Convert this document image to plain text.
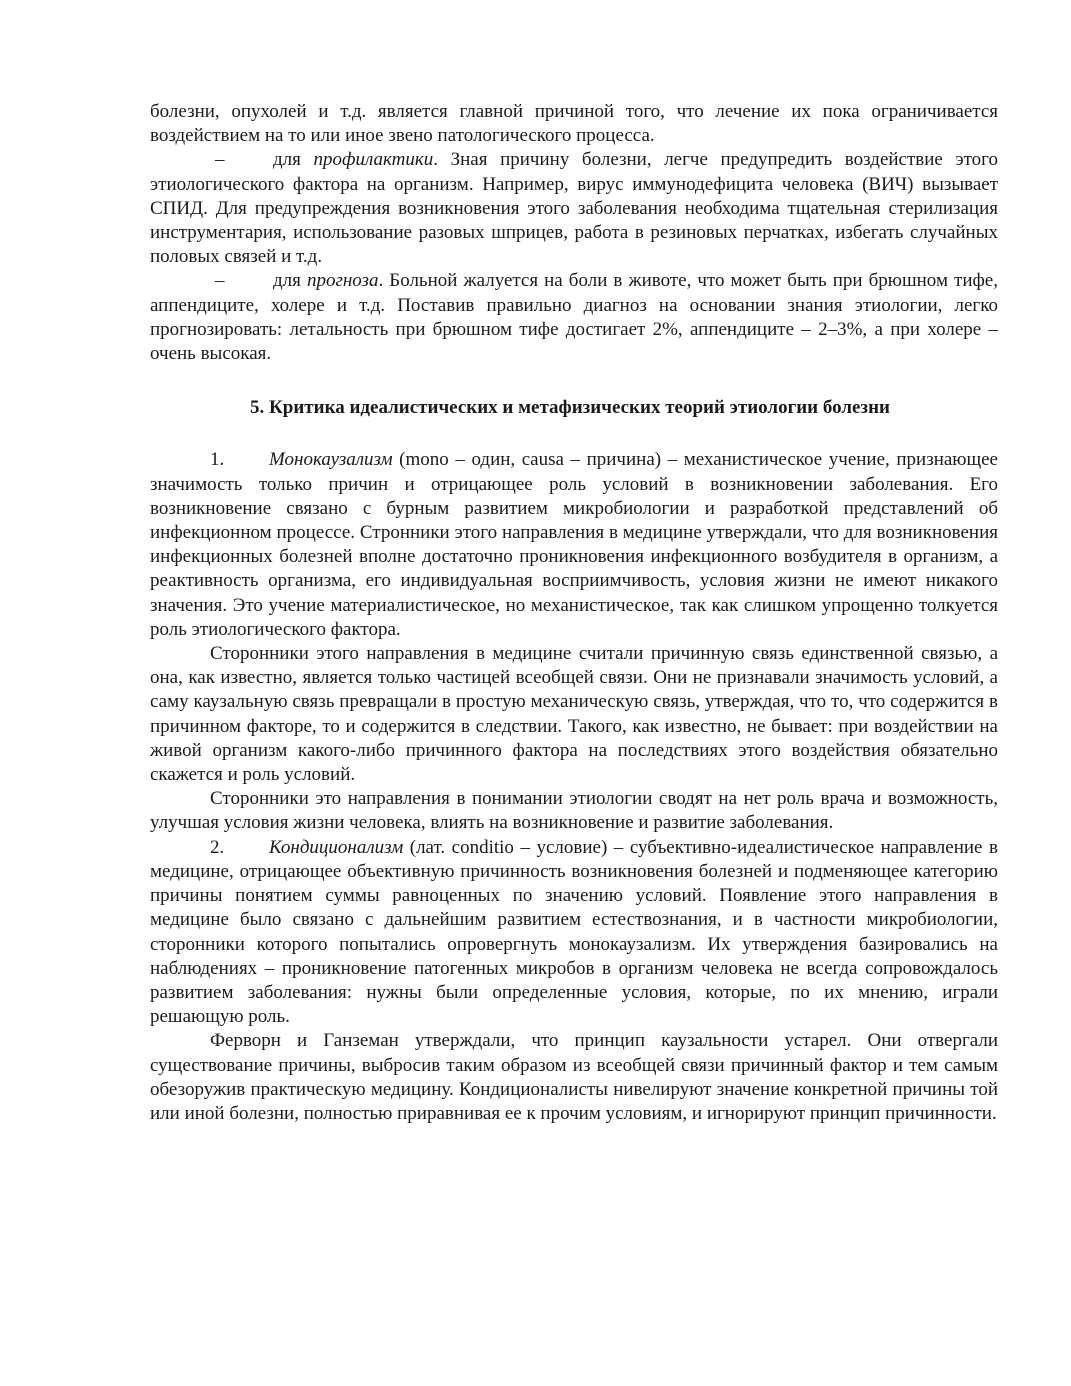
болезни, опухолей и т.д. является главной причиной того, что лечение их пока ограничивается воздействием на то или иное звено патологического процесса.

–	для профилактики. Зная причину болезни, легче предупредить воздействие этого этиологического фактора на организм. Например, вирус иммунодефицита человека (ВИЧ) вызывает СПИД. Для предупреждения возникновения этого заболевания необходима тщательная стерилизация инструментария, использование разовых шприцев, работа в резиновых перчатках, избегать случайных половых связей и т.д.

–	для прогноза. Больной жалуется на боли в животе, что может быть при брюшном тифе, аппендиците, холере и т.д. Поставив правильно диагноз на основании знания этиологии, легко прогнозировать: летальность при брюшном тифе достигает 2%, аппендиците – 2–3%, а при холере – очень высокая.

5. Критика идеалистических и метафизических теорий этиологии болезни

1. Монокаузализм (mono – один, causa – причина) – механистическое учение, признающее значимость только причин и отрицающее роль условий в возникновении заболевания. Его возникновение связано с бурным развитием микробиологии и разработкой представлений об инфекционном процессе. Стронники этого направления в медицине утверждали, что для возникновения инфекционных болезней вполне достаточно проникновения инфекционного возбудителя в организм, а реактивность организма, его индивидуальная восприимчивость, условия жизни не имеют никакого значения. Это учение материалистическое, но механистическое, так как слишком упрощенно толкуется роль этиологического фактора.

Сторонники этого направления в медицине считали причинную связь единственной связью, а она, как известно, является только частицей всеобщей связи. Они не признавали значимость условий, а саму каузальную связь превращали в простую механическую связь, утверждая, что то, что содержится в причинном факторе, то и содержится в следствии. Такого, как известно, не бывает: при воздействии на живой организм какого-либо причинного фактора на последствиях этого воздействия обязательно скажется и роль условий.

Сторонники это направления в понимании этиологии сводят на нет роль врача и возможность, улучшая условия жизни человека, влиять на возникновение и развитие заболевания.

2. Кондиционализм (лат. conditio – условие) – субъективно-идеалистическое направление в медицине, отрицающее объективную причинность возникновения болезней и подменяющее категорию причины понятием суммы равноценных по значению условий. Появление этого направления в медицине было связано с дальнейшим развитием естествознания, и в частности микробиологии, сторонники которого попытались опровергнуть монокаузализм. Их утверждения базировались на наблюдениях – проникновение патогенных микробов в организм человека не всегда сопровождалось развитием заболевания: нужны были определенные условия, которые, по их мнению, играли решающую роль.

Ферворн и Ганземан утверждали, что принцип каузальности устарел. Они отвергали существование причины, выбросив таким образом из всеобщей связи причинный фактор и тем самым обезоружив практическую медицину. Кондиционалисты нивелируют значение конкретной причины той или иной болезни, полностью приравнивая ее к прочим условиям, и игнорируют принцип причинности.
